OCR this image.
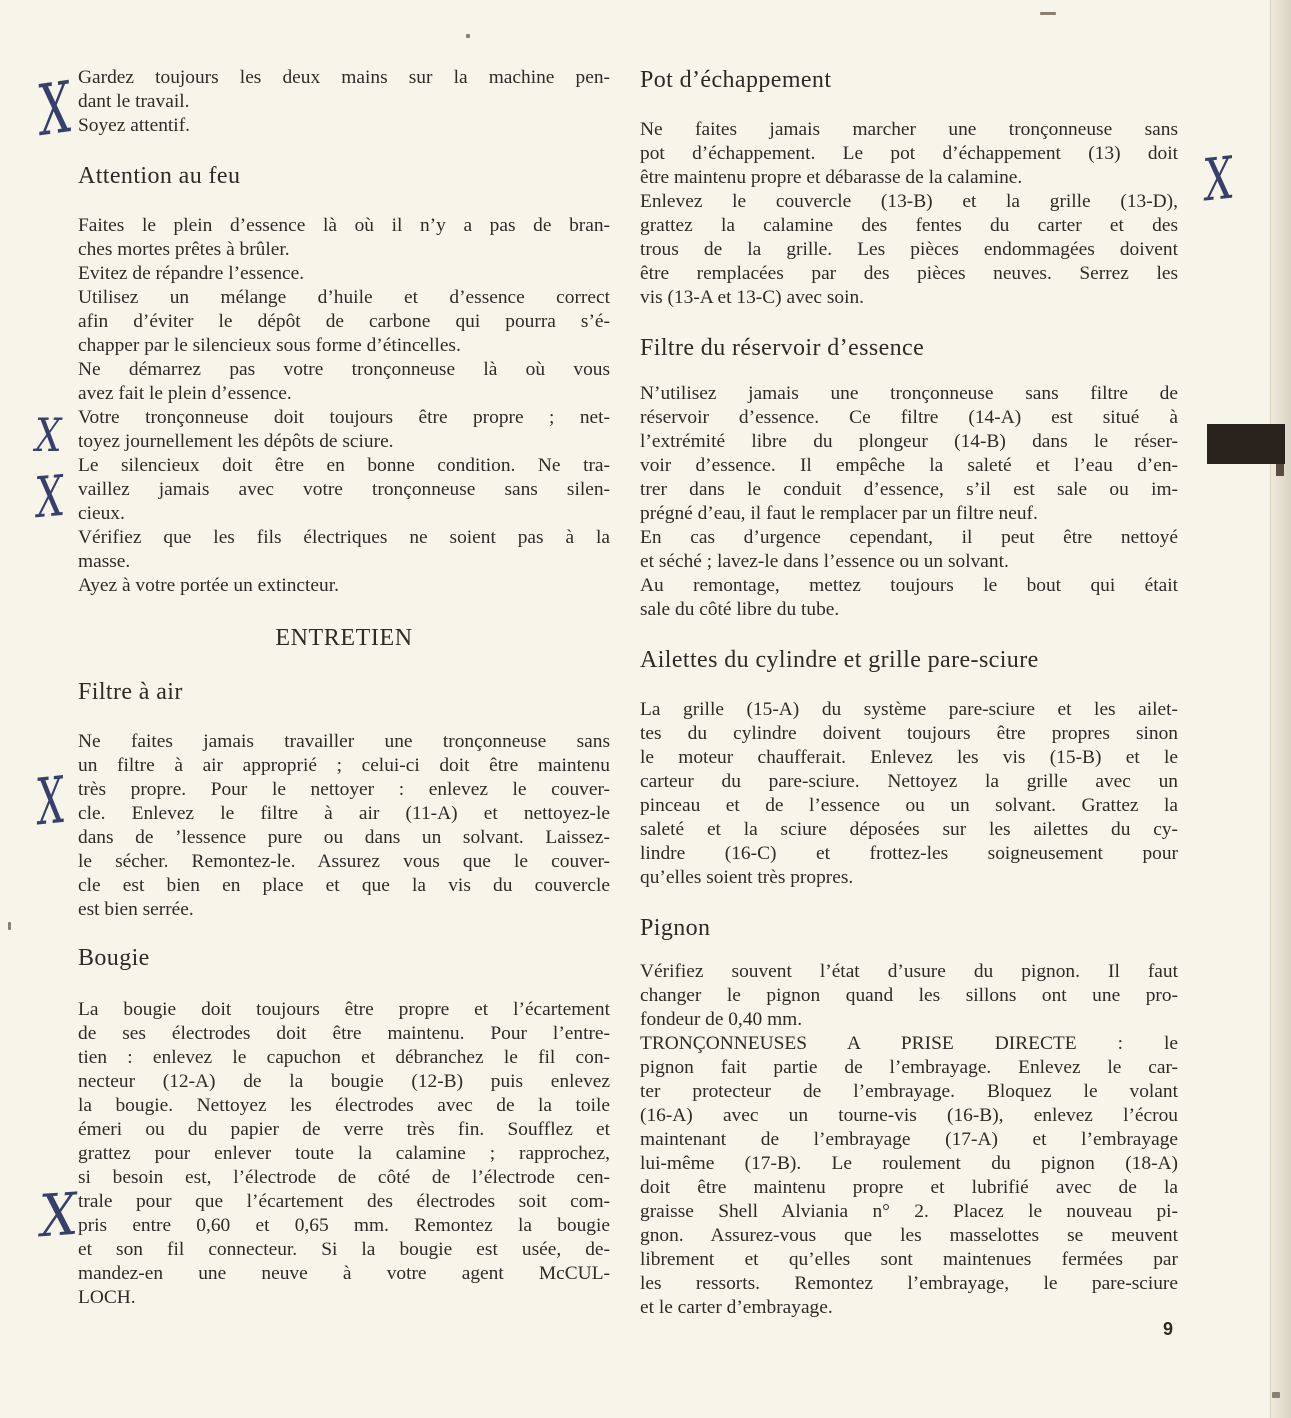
X
X
X
X
X
X
Gardez toujours les deux mains sur la machine pen-
dant le travail.
Soyez attentif.
Attention au feu
Faites le plein d’essence là où il n’y a pas de bran-
ches mortes prêtes à brûler.
Evitez de répandre l’essence.
Utilisez un mélange d’huile et d’essence correct
afin d’éviter le dépôt de carbone qui pourra s’é-
chapper par le silencieux sous forme d’étincelles.
Ne démarrez pas votre tronçonneuse là où vous
avez fait le plein d’essence.
Votre tronçonneuse doit toujours être propre ; net-
toyez journellement les dépôts de sciure.
Le silencieux doit être en bonne condition. Ne tra-
vaillez jamais avec votre tronçonneuse sans silen-
cieux.
Vérifiez que les fils électriques ne soient pas à la
masse.
Ayez à votre portée un extincteur.
ENTRETIEN
Filtre à air
Ne faites jamais travailler une tronçonneuse sans
un filtre à air approprié ; celui-ci doit être maintenu
très propre. Pour le nettoyer : enlevez le couver-
cle. Enlevez le filtre à air (11-A) et nettoyez-le
dans de ’lessence pure ou dans un solvant. Laissez-
le sécher. Remontez-le. Assurez vous que le couver-
cle est bien en place et que la vis du couvercle
est bien serrée.
Bougie
La bougie doit toujours être propre et l’écartement
de ses électrodes doit être maintenu. Pour l’entre-
tien : enlevez le capuchon et débranchez le fil con-
necteur (12-A) de la bougie (12-B) puis enlevez
la bougie. Nettoyez les électrodes avec de la toile
émeri ou du papier de verre très fin. Soufflez et
grattez pour enlever toute la calamine ; rapprochez,
si besoin est, l’électrode de côté de l’électrode cen-
trale pour que l’écartement des électrodes soit com-
pris entre 0,60 et 0,65 mm. Remontez la bougie
et son fil connecteur. Si la bougie est usée, de-
mandez-en une neuve à votre agent McCUL-
LOCH.
Pot d’échappement
Ne faites jamais marcher une tronçonneuse sans
pot d’échappement. Le pot d’échappement (13) doit
être maintenu propre et débarasse de la calamine.
Enlevez le couvercle (13-B) et la grille (13-D),
grattez la calamine des fentes du carter et des
trous de la grille. Les pièces endommagées doivent
être remplacées par des pièces neuves. Serrez les
vis (13-A et 13-C) avec soin.
Filtre du réservoir d’essence
N’utilisez jamais une tronçonneuse sans filtre de
réservoir d’essence. Ce filtre (14-A) est situé à
l’extrémité libre du plongeur (14-B) dans le réser-
voir d’essence. Il empêche la saleté et l’eau d’en-
trer dans le conduit d’essence, s’il est sale ou im-
prégné d’eau, il faut le remplacer par un filtre neuf.
En cas d’urgence cependant, il peut être nettoyé
et séché ; lavez-le dans l’essence ou un solvant.
Au remontage, mettez toujours le bout qui était
sale du côté libre du tube.
Ailettes du cylindre et grille pare-sciure
La grille (15-A) du système pare-sciure et les ailet-
tes du cylindre doivent toujours être propres sinon
le moteur chaufferait. Enlevez les vis (15-B) et le
carteur du pare-sciure. Nettoyez la grille avec un
pinceau et de l’essence ou un solvant. Grattez la
saleté et la sciure déposées sur les ailettes du cy-
lindre (16-C) et frottez-les soigneusement pour
qu’elles soient très propres.
Pignon
Vérifiez souvent l’état d’usure du pignon. Il faut
changer le pignon quand les sillons ont une pro-
fondeur de 0,40 mm.
TRONÇONNEUSES A PRISE DIRECTE : le
pignon fait partie de l’embrayage. Enlevez le car-
ter protecteur de l’embrayage. Bloquez le volant
(16-A) avec un tourne-vis (16-B), enlevez l’écrou
maintenant de l’embrayage (17-A) et l’embrayage
lui-même (17-B). Le roulement du pignon (18-A)
doit être maintenu propre et lubrifié avec de la
graisse Shell Alviania n° 2. Placez le nouveau pi-
gnon. Assurez-vous que les masselottes se meuvent
librement et qu’elles sont maintenues fermées par
les ressorts. Remontez l’embrayage, le pare-sciure
et le carter d’embrayage.
9
